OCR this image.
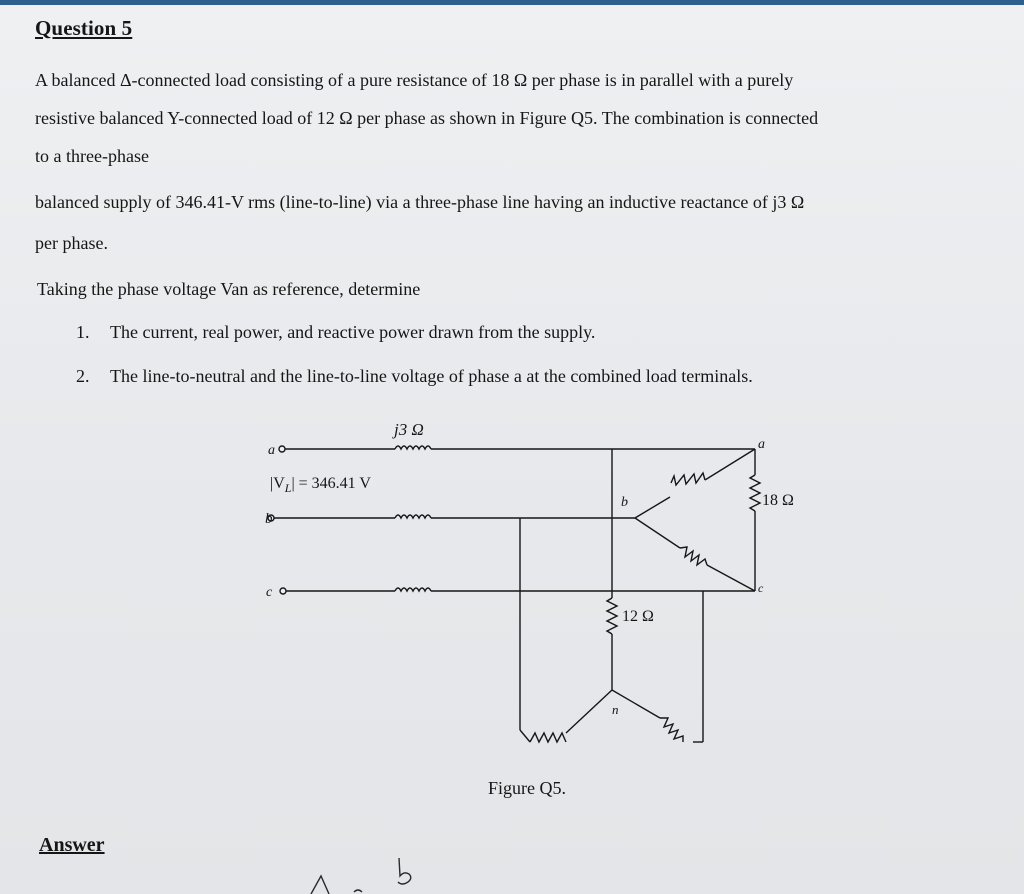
Question 5
A balanced Δ-connected load consisting of a pure resistance of 18 Ω per phase is in parallel with a purely
resistive balanced Y-connected load of 12 Ω per phase as shown in Figure Q5. The combination is connected
to a three-phase
balanced supply of 346.41-V rms (line-to-line) via a three-phase line having an inductive reactance of j3 Ω
per phase.
Taking the phase voltage Van as reference, determine
1. The current, real power, and reactive power drawn from the supply.
2. The line-to-neutral and the line-to-line voltage of phase a at the combined load terminals.
j3 Ω
a
b
c
$|V_L| = 346.41$ V
a
b
c
18 Ω
12 Ω
n
Figure Q5.
Answer
